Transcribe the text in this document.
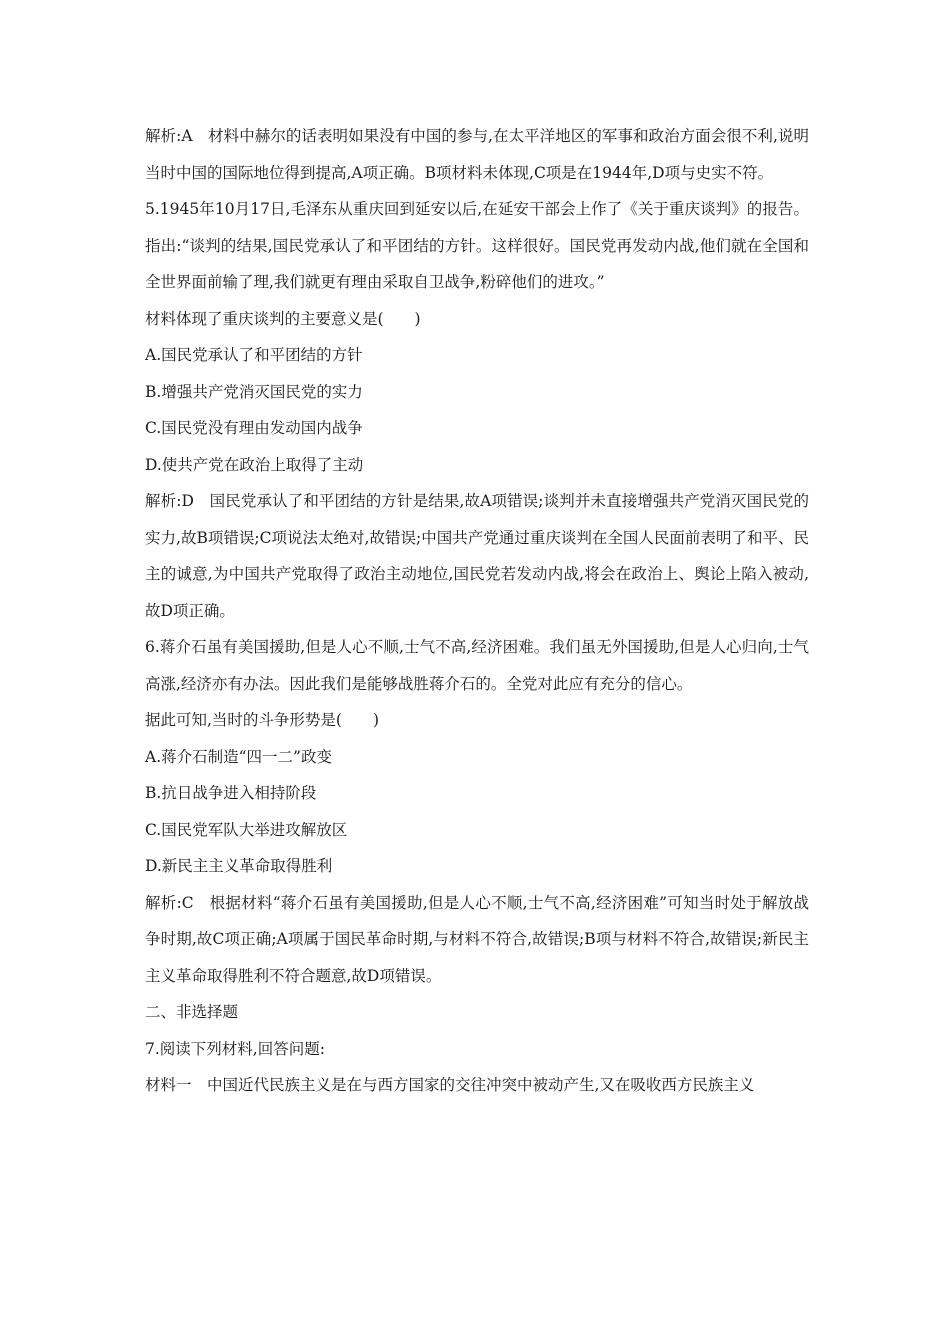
解析:A　材料中赫尔的话表明如果没有中国的参与,在太平洋地区的军事和政治方面会很不利,说明当时中国的国际地位得到提高,A项正确。B项材料未体现,C项是在1944年,D项与史实不符。

5.1945年10月17日,毛泽东从重庆回到延安以后,在延安干部会上作了《关于重庆谈判》的报告。指出:“谈判的结果,国民党承认了和平团结的方针。这样很好。国民党再发动内战,他们就在全国和全世界面前输了理,我们就更有理由采取自卫战争,粉碎他们的进攻。”

材料体现了重庆谈判的主要意义是(　　)

A.国民党承认了和平团结的方针

B.增强共产党消灭国民党的实力

C.国民党没有理由发动国内战争

D.使共产党在政治上取得了主动

解析:D　国民党承认了和平团结的方针是结果,故A项错误;谈判并未直接增强共产党消灭国民党的实力,故B项错误;C项说法太绝对,故错误;中国共产党通过重庆谈判在全国人民面前表明了和平、民主的诚意,为中国共产党取得了政治主动地位,国民党若发动内战,将会在政治上、舆论上陷入被动,故D项正确。

6.蒋介石虽有美国援助,但是人心不顺,士气不高,经济困难。我们虽无外国援助,但是人心归向,士气高涨,经济亦有办法。因此我们是能够战胜蒋介石的。全党对此应有充分的信心。

据此可知,当时的斗争形势是(　　)

A.蒋介石制造“四一二”政变

B.抗日战争进入相持阶段

C.国民党军队大举进攻解放区

D.新民主主义革命取得胜利

解析:C　根据材料“蒋介石虽有美国援助,但是人心不顺,士气不高,经济困难”可知当时处于解放战争时期,故C项正确;A项属于国民革命时期,与材料不符合,故错误;B项与材料不符合,故错误;新民主主义革命取得胜利不符合题意,故D项错误。

二、非选择题

7.阅读下列材料,回答问题:

材料一　中国近代民族主义是在与西方国家的交往冲突中被动产生,又在吸收西方民族主义
